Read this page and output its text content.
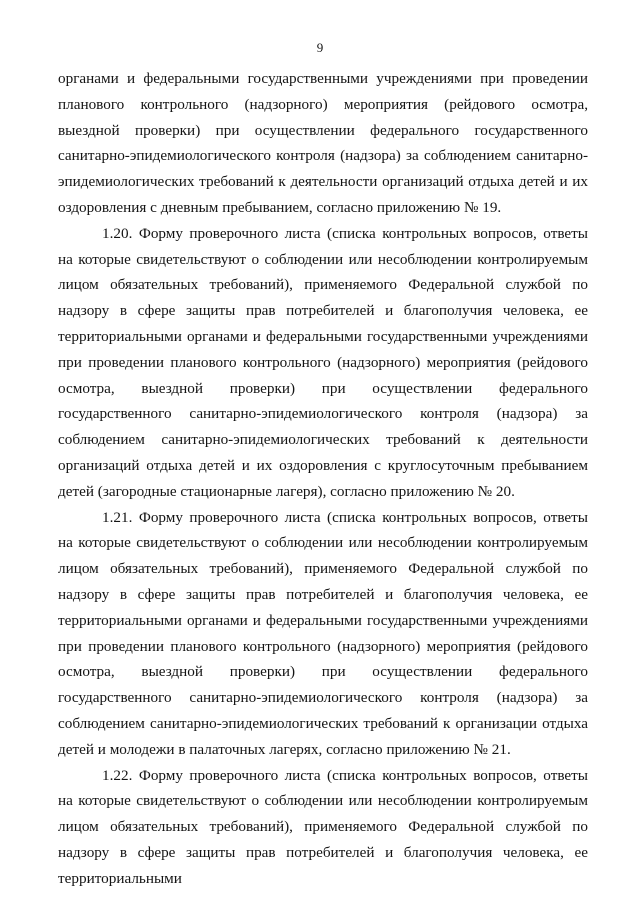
9

органами и федеральными государственными учреждениями при проведении планового контрольного (надзорного) мероприятия (рейдового осмотра, выездной проверки) при осуществлении федерального государственного санитарно-эпидемиологического контроля (надзора) за соблюдением санитарно-эпидемиологических требований к деятельности организаций отдыха детей и их оздоровления с дневным пребыванием, согласно приложению № 19.

1.20. Форму проверочного листа (списка контрольных вопросов, ответы на которые свидетельствуют о соблюдении или несоблюдении контролируемым лицом обязательных требований), применяемого Федеральной службой по надзору в сфере защиты прав потребителей и благополучия человека, ее территориальными органами и федеральными государственными учреждениями при проведении планового контрольного (надзорного) мероприятия (рейдового осмотра, выездной проверки) при осуществлении федерального государственного санитарно-эпидемиологического контроля (надзора) за соблюдением санитарно-эпидемиологических требований к деятельности организаций отдыха детей и их оздоровления с круглосуточным пребыванием детей (загородные стационарные лагеря), согласно приложению № 20.

1.21. Форму проверочного листа (списка контрольных вопросов, ответы на которые свидетельствуют о соблюдении или несоблюдении контролируемым лицом обязательных требований), применяемого Федеральной службой по надзору в сфере защиты прав потребителей и благополучия человека, ее территориальными органами и федеральными государственными учреждениями при проведении планового контрольного (надзорного) мероприятия (рейдового осмотра, выездной проверки) при осуществлении федерального государственного санитарно-эпидемиологического контроля (надзора) за соблюдением санитарно-эпидемиологических требований к организации отдыха детей и молодежи в палаточных лагерях, согласно приложению № 21.

1.22. Форму проверочного листа (списка контрольных вопросов, ответы на которые свидетельствуют о соблюдении или несоблюдении контролируемым лицом обязательных требований), применяемого Федеральной службой по надзору в сфере защиты прав потребителей и благополучия человека, ее территориальными
